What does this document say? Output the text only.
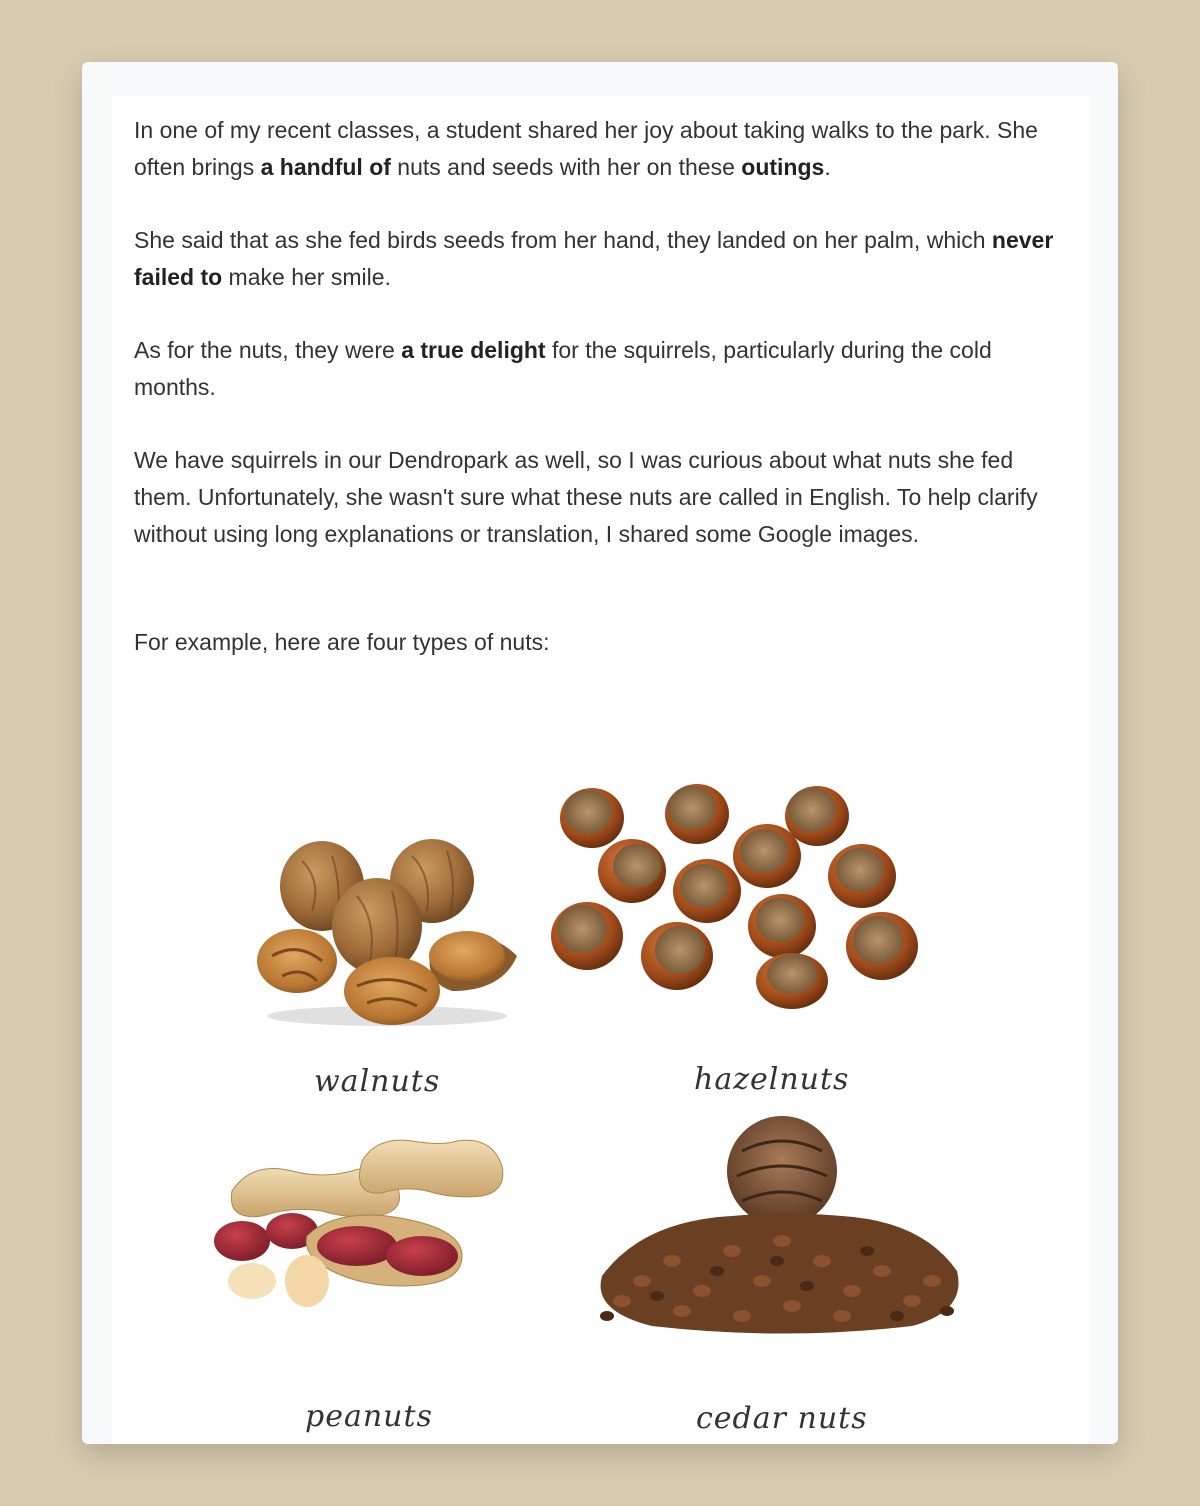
In one of my recent classes, a student shared her joy about taking walks to the park. She often brings a handful of nuts and seeds with her on these outings.

She said that as she fed birds seeds from her hand, they landed on her palm, which never failed to make her smile.

As for the nuts, they were a true delight for the squirrels, particularly during the cold months.

We have squirrels in our Dendropark as well, so I was curious about what nuts she fed them. Unfortunately, she wasn't sure what these nuts are called in English. To help clarify without using long explanations or translation, I shared some Google images.

For example, here are four types of nuts:

walnuts	hazelnuts
peanuts	cedar nuts
